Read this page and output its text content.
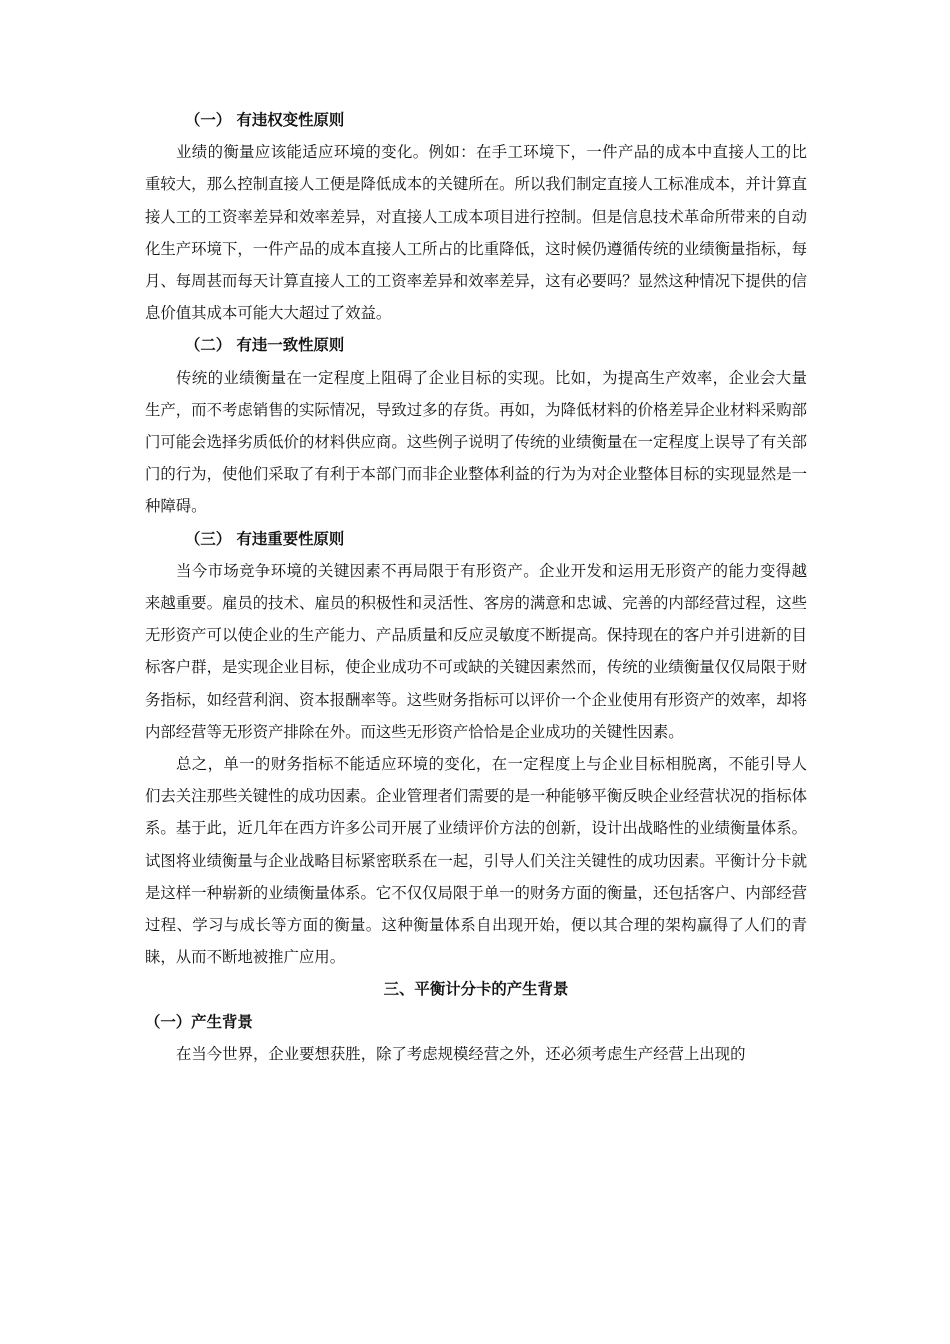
（一） 有违权变性原则

业绩的衡量应该能适应环境的变化。例如：在手工环境下，一件产品的成本中直接人工的比重较大，那么控制直接人工便是降低成本的关键所在。所以我们制定直接人工标准成本，并计算直接人工的工资率差异和效率差异，对直接人工成本项目进行控制。但是信息技术革命所带来的自动化生产环境下，一件产品的成本直接人工所占的比重降低，这时候仍遵循传统的业绩衡量指标，每月、每周甚而每天计算直接人工的工资率差异和效率差异，这有必要吗？显然这种情况下提供的信息价值其成本可能大大超过了效益。

（二） 有违一致性原则

传统的业绩衡量在一定程度上阻碍了企业目标的实现。比如，为提高生产效率，企业会大量生产，而不考虑销售的实际情况，导致过多的存货。再如，为降低材料的价格差异企业材料采购部门可能会选择劣质低价的材料供应商。这些例子说明了传统的业绩衡量在一定程度上误导了有关部门的行为，使他们采取了有利于本部门而非企业整体利益的行为为对企业整体目标的实现显然是一种障碍。

（三） 有违重要性原则

当今市场竞争环境的关键因素不再局限于有形资产。企业开发和运用无形资产的能力变得越来越重要。雇员的技术、雇员的积极性和灵活性、客房的满意和忠诚、完善的内部经营过程，这些无形资产可以使企业的生产能力、产品质量和反应灵敏度不断提高。保持现在的客户并引进新的目标客户群，是实现企业目标，使企业成功不可或缺的关键因素然而，传统的业绩衡量仅仅局限于财务指标，如经营利润、资本报酬率等。这些财务指标可以评价一个企业使用有形资产的效率，却将内部经营等无形资产排除在外。而这些无形资产恰恰是企业成功的关键性因素。

总之，单一的财务指标不能适应环境的变化，在一定程度上与企业目标相脱离，不能引导人们去关注那些关键性的成功因素。企业管理者们需要的是一种能够平衡反映企业经营状况的指标体系。基于此，近几年在西方许多公司开展了业绩评价方法的创新，设计出战略性的业绩衡量体系。试图将业绩衡量与企业战略目标紧密联系在一起，引导人们关注关键性的成功因素。平衡计分卡就是这样一种崭新的业绩衡量体系。它不仅仅局限于单一的财务方面的衡量，还包括客户、内部经营过程、学习与成长等方面的衡量。这种衡量体系自出现开始，便以其合理的架构赢得了人们的青睐，从而不断地被推广应用。

三、平衡计分卡的产生背景

（一）产生背景

在当今世界，企业要想获胜，除了考虑规模经营之外，还必须考虑生产经营上出现的
